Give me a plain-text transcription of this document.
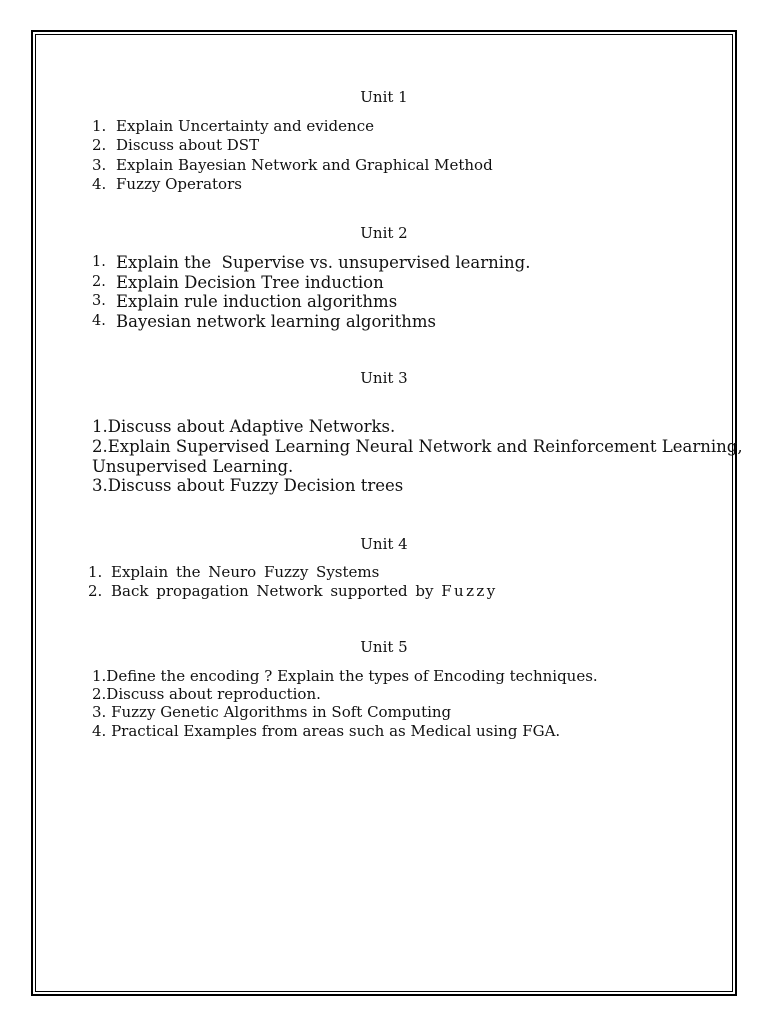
Unit 1
1. Explain Uncertainty and evidence
2. Discuss about DST
3. Explain Bayesian Network and Graphical Method
4. Fuzzy Operators
Unit 2
1. Explain the  Supervise vs. unsupervised learning.
2. Explain Decision Tree induction
3. Explain rule induction algorithms
4. Bayesian network learning algorithms
Unit 3

1.Discuss about Adaptive Networks.

2.Explain Supervised Learning Neural Network and Reinforcement Learning,

Unsupervised Learning.

3.Discuss about Fuzzy Decision trees

Unit 4
1. Explain the Neuro Fuzzy Systems
2. Back propagation Network supported by Fuzzy
Unit 5

1.Define the encoding ? Explain the types of Encoding techniques.

2.Discuss about reproduction.

3. Fuzzy Genetic Algorithms in Soft Computing

4. Practical Examples from areas such as Medical using FGA.
